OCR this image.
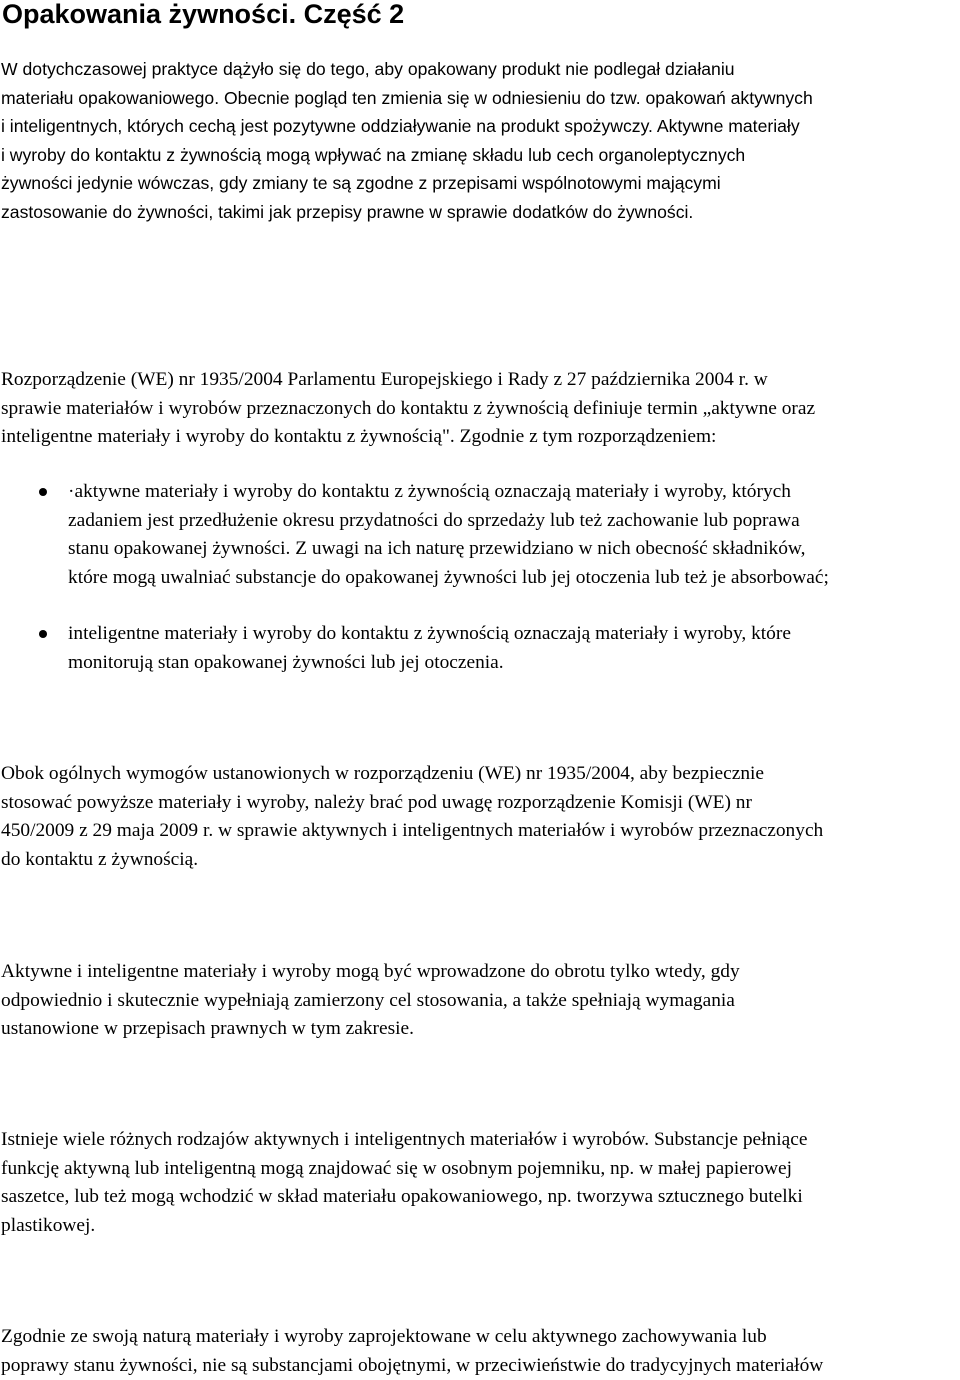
Opakowania żywności. Część 2

W dotychczasowej praktyce dążyło się do tego, aby opakowany produkt nie podlegał działaniu
materiału opakowaniowego. Obecnie pogląd ten zmienia się w odniesieniu do tzw. opakowań aktywnych
i inteligentnych, których cechą jest pozytywne oddziaływanie na produkt spożywczy. Aktywne materiały
i wyroby do kontaktu z żywnością mogą wpływać na zmianę składu lub cech organoleptycznych
żywności jedynie wówczas, gdy zmiany te są zgodne z przepisami wspólnotowymi mającymi
zastosowanie do żywności, takimi jak przepisy prawne w sprawie dodatków do żywności.

Rozporządzenie (WE) nr 1935/2004 Parlamentu Europejskiego i Rady z 27 października 2004 r. w
sprawie materiałów i wyrobów przeznaczonych do kontaktu z żywnością definiuje termin „aktywne oraz
inteligentne materiały i wyroby do kontaktu z żywnością". Zgodnie z tym rozporządzeniem:

·aktywne materiały i wyroby do kontaktu z żywnością oznaczają materiały i wyroby, których
zadaniem jest przedłużenie okresu przydatności do sprzedaży lub też zachowanie lub poprawa
stanu opakowanej żywności. Z uwagi na ich naturę przewidziano w nich obecność składników,
które mogą uwalniać substancje do opakowanej żywności lub jej otoczenia lub też je absorbować;

inteligentne materiały i wyroby do kontaktu z żywnością oznaczają materiały i wyroby, które
monitorują stan opakowanej żywności lub jej otoczenia.

Obok ogólnych wymogów ustanowionych w rozporządzeniu (WE) nr 1935/2004, aby bezpiecznie
stosować powyższe materiały i wyroby, należy brać pod uwagę rozporządzenie Komisji (WE) nr
450/2009 z 29 maja 2009 r. w sprawie aktywnych i inteligentnych materiałów i wyrobów przeznaczonych
do kontaktu z żywnością.

Aktywne i inteligentne materiały i wyroby mogą być wprowadzone do obrotu tylko wtedy, gdy
odpowiednio i skutecznie wypełniają zamierzony cel stosowania, a także spełniają wymagania
ustanowione w przepisach prawnych w tym zakresie.

Istnieje wiele różnych rodzajów aktywnych i inteligentnych materiałów i wyrobów. Substancje pełniące
funkcję aktywną lub inteligentną mogą znajdować się w osobnym pojemniku, np. w małej papierowej
saszetce, lub też mogą wchodzić w skład materiału opakowaniowego, np. tworzywa sztucznego butelki
plastikowej.

Zgodnie ze swoją naturą materiały i wyroby zaprojektowane w celu aktywnego zachowywania lub
poprawy stanu żywności, nie są substancjami obojętnymi, w przeciwieństwie do tradycyjnych materiałów
